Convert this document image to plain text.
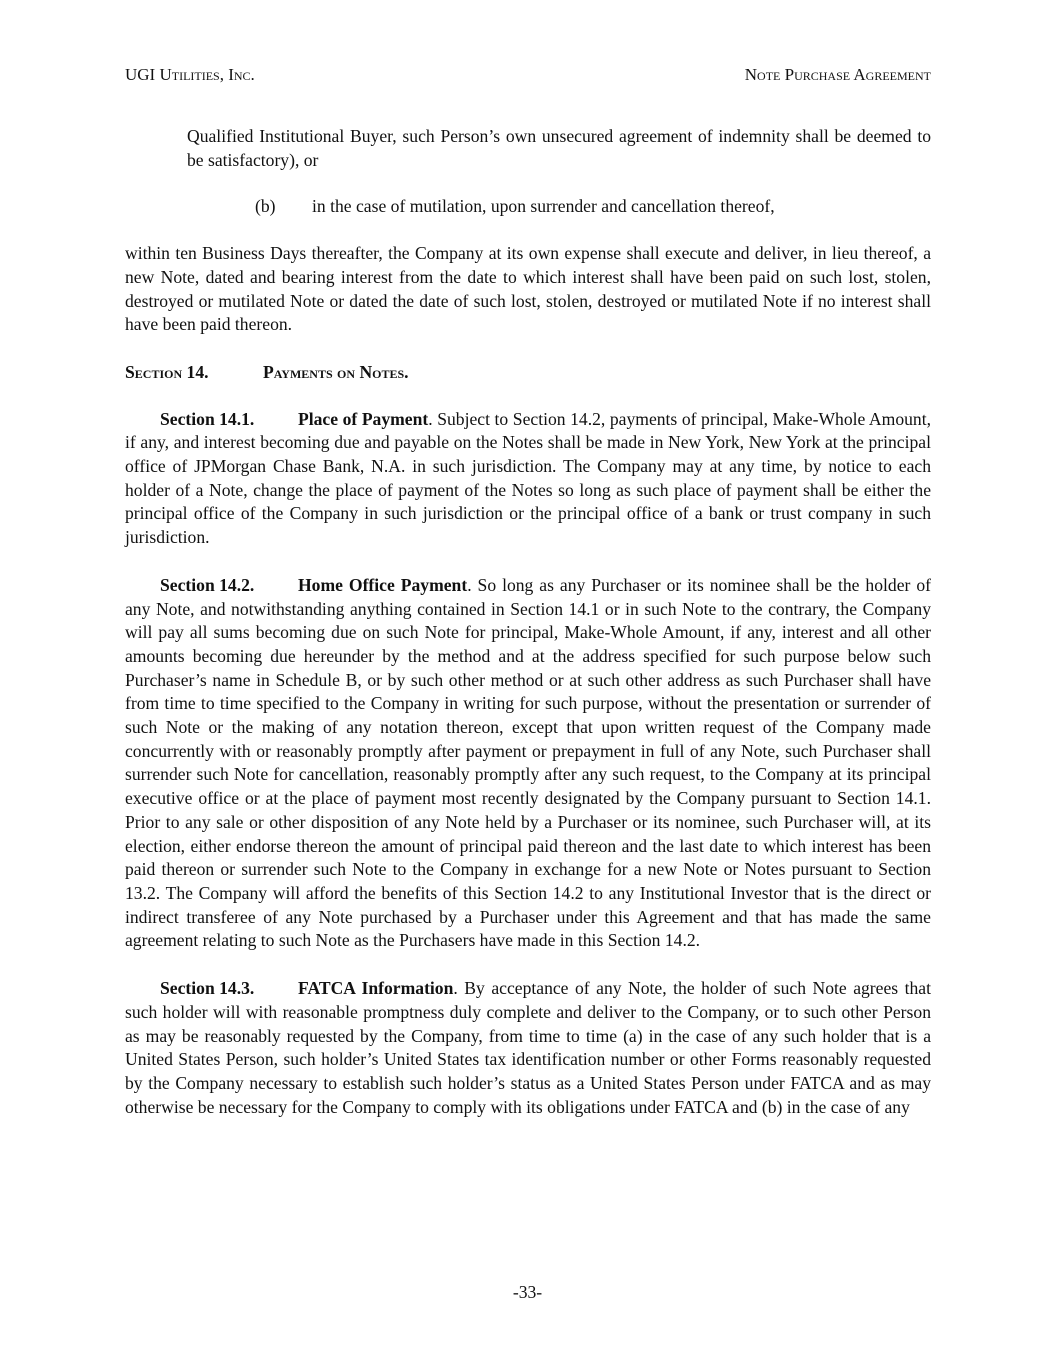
UGI Utilities, Inc.	Note Purchase Agreement

Qualified Institutional Buyer, such Person’s own unsecured agreement of indemnity shall be deemed to be satisfactory), or

(b) in the case of mutilation, upon surrender and cancellation thereof,

within ten Business Days thereafter, the Company at its own expense shall execute and deliver, in lieu thereof, a new Note, dated and bearing interest from the date to which interest shall have been paid on such lost, stolen, destroyed or mutilated Note or dated the date of such lost, stolen, destroyed or mutilated Note if no interest shall have been paid thereon.

Section 14.	Payments on Notes.

Section 14.1. Place of Payment. Subject to Section 14.2, payments of principal, Make-Whole Amount, if any, and interest becoming due and payable on the Notes shall be made in New York, New York at the principal office of JPMorgan Chase Bank, N.A. in such jurisdiction. The Company may at any time, by notice to each holder of a Note, change the place of payment of the Notes so long as such place of payment shall be either the principal office of the Company in such jurisdiction or the principal office of a bank or trust company in such jurisdiction.

Section 14.2. Home Office Payment. So long as any Purchaser or its nominee shall be the holder of any Note, and notwithstanding anything contained in Section 14.1 or in such Note to the contrary, the Company will pay all sums becoming due on such Note for principal, Make-Whole Amount, if any, interest and all other amounts becoming due hereunder by the method and at the address specified for such purpose below such Purchaser’s name in Schedule B, or by such other method or at such other address as such Purchaser shall have from time to time specified to the Company in writing for such purpose, without the presentation or surrender of such Note or the making of any notation thereon, except that upon written request of the Company made concurrently with or reasonably promptly after payment or prepayment in full of any Note, such Purchaser shall surrender such Note for cancellation, reasonably promptly after any such request, to the Company at its principal executive office or at the place of payment most recently designated by the Company pursuant to Section 14.1. Prior to any sale or other disposition of any Note held by a Purchaser or its nominee, such Purchaser will, at its election, either endorse thereon the amount of principal paid thereon and the last date to which interest has been paid thereon or surrender such Note to the Company in exchange for a new Note or Notes pursuant to Section 13.2. The Company will afford the benefits of this Section 14.2 to any Institutional Investor that is the direct or indirect transferee of any Note purchased by a Purchaser under this Agreement and that has made the same agreement relating to such Note as the Purchasers have made in this Section 14.2.

Section 14.3. FATCA Information. By acceptance of any Note, the holder of such Note agrees that such holder will with reasonable promptness duly complete and deliver to the Company, or to such other Person as may be reasonably requested by the Company, from time to time (a) in the case of any such holder that is a United States Person, such holder’s United States tax identification number or other Forms reasonably requested by the Company necessary to establish such holder’s status as a United States Person under FATCA and as may otherwise be necessary for the Company to comply with its obligations under FATCA and (b) in the case of any

-33-
